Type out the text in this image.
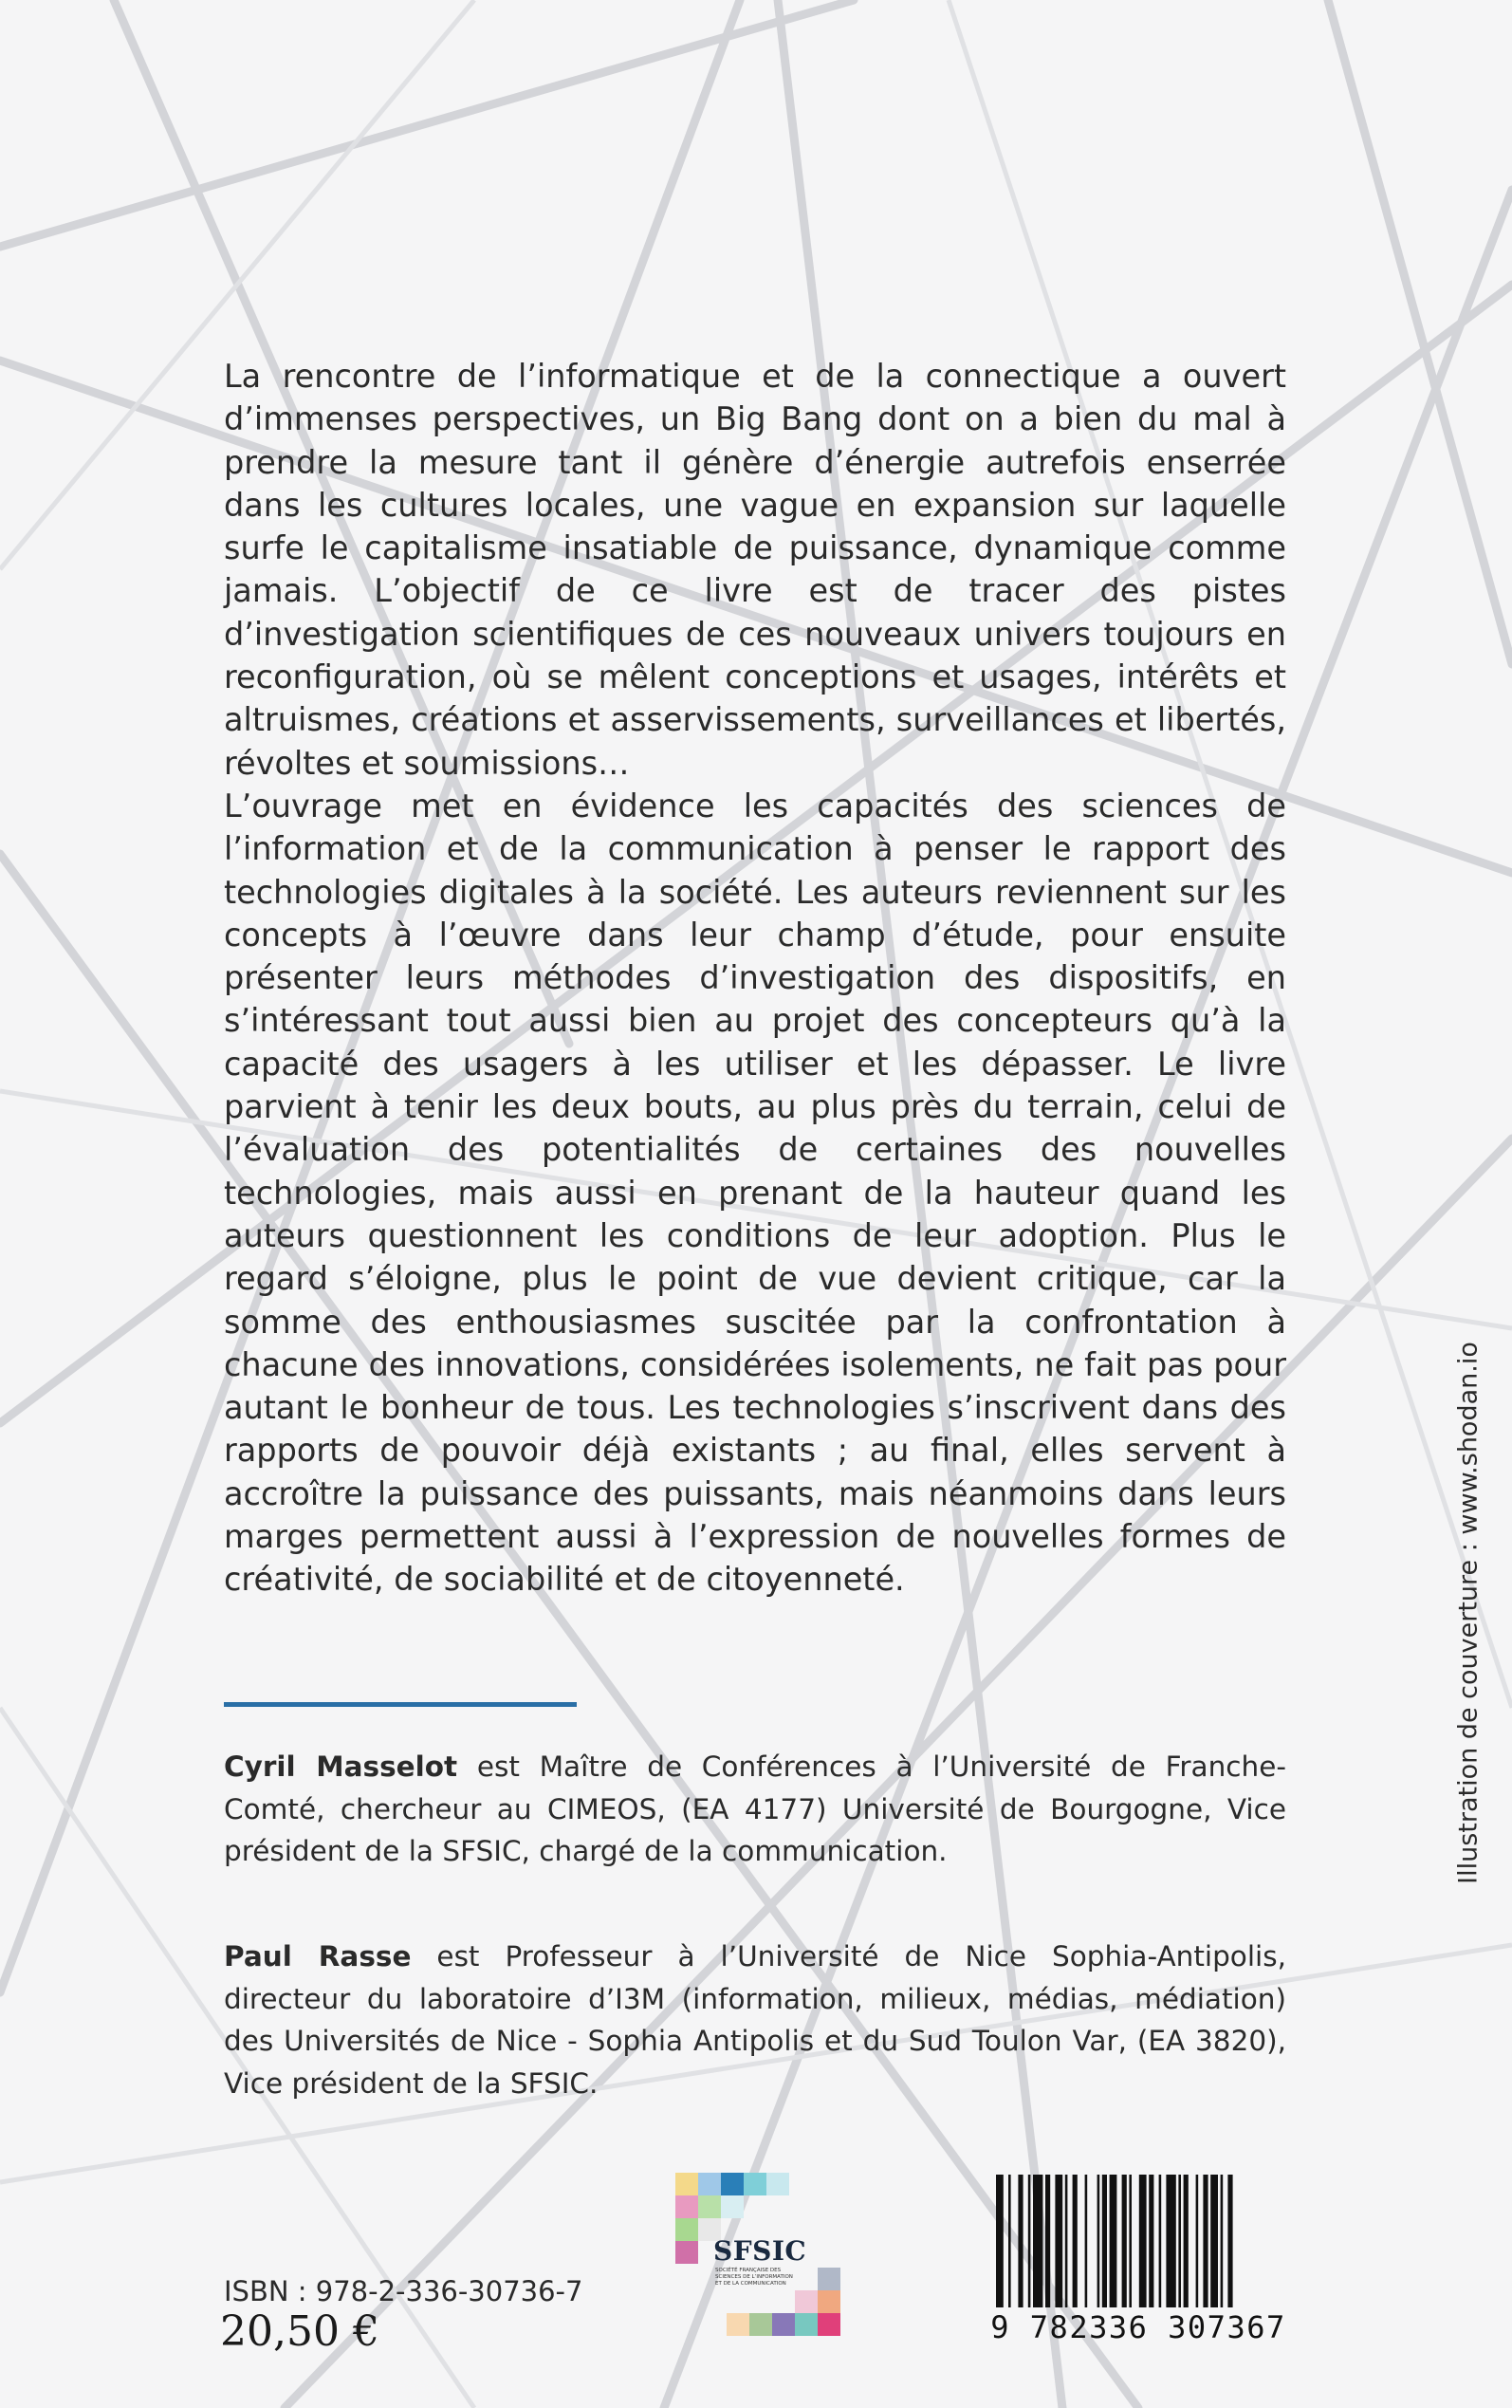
La rencontre de l’informatique et de la connectique a ouvert d’immenses perspectives, un Big Bang dont on a bien du mal à prendre la mesure tant il génère d’énergie autrefois enserrée dans les cultures locales, une vague en expansion sur laquelle surfe le capitalisme insatiable de puissance, dynamique comme jamais. L’objectif de ce livre est de tracer des pistes d’investigation scientifiques de ces nouveaux univers toujours en reconfiguration, où se mêlent conceptions et usages, intérêts et altruismes, créations et asservissements, surveillances et libertés, révoltes et soumissions…

L’ouvrage met en évidence les capacités des sciences de l’information et de la communication à penser le rapport des technologies digitales à la société. Les auteurs reviennent sur les concepts à l’œuvre dans leur champ d’étude, pour ensuite présenter leurs méthodes d’investigation des dispositifs, en s’intéressant tout aussi bien au projet des concepteurs qu’à la capacité des usagers à les utiliser et les dépasser. Le livre parvient à tenir les deux bouts, au plus près du terrain, celui de l’évaluation des potentialités de certaines des nouvelles technologies, mais aussi en prenant de la hauteur quand les auteurs questionnent les conditions de leur adoption. Plus le regard s’éloigne, plus le point de vue devient critique, car la somme des enthousiasmes suscitée par la confrontation à chacune des innovations, considérées isolements, ne fait pas pour autant le bonheur de tous. Les technologies s’inscrivent dans des rapports de pouvoir déjà existants ; au final, elles servent à accroître la puissance des puissants, mais néanmoins dans leurs marges permettent aussi à l’expression de nouvelles formes de créativité, de sociabilité et de citoyenneté.

Cyril Masselot est Maître de Conférences à l’Université de Franche-Comté, chercheur au CIMEOS, (EA 4177) Université de Bourgogne, Vice président de la SFSIC, chargé de la communication.

Paul Rasse est Professeur à l’Université de Nice Sophia-Antipolis, directeur du laboratoire d’I3M (information, milieux, médias, médiation) des Universités de Nice - Sophia Antipolis et du Sud Toulon Var, (EA 3820), Vice président de la SFSIC.

Illustration de couverture : www.shodan.io
SFSIC
SOCIÉTÉ FRANÇAISE DES SCIENCES DE L’INFORMATION ET DE LA COMMUNICATION
ISBN : 978-2-336-30736-7
20,50 €	9 782336 307367
